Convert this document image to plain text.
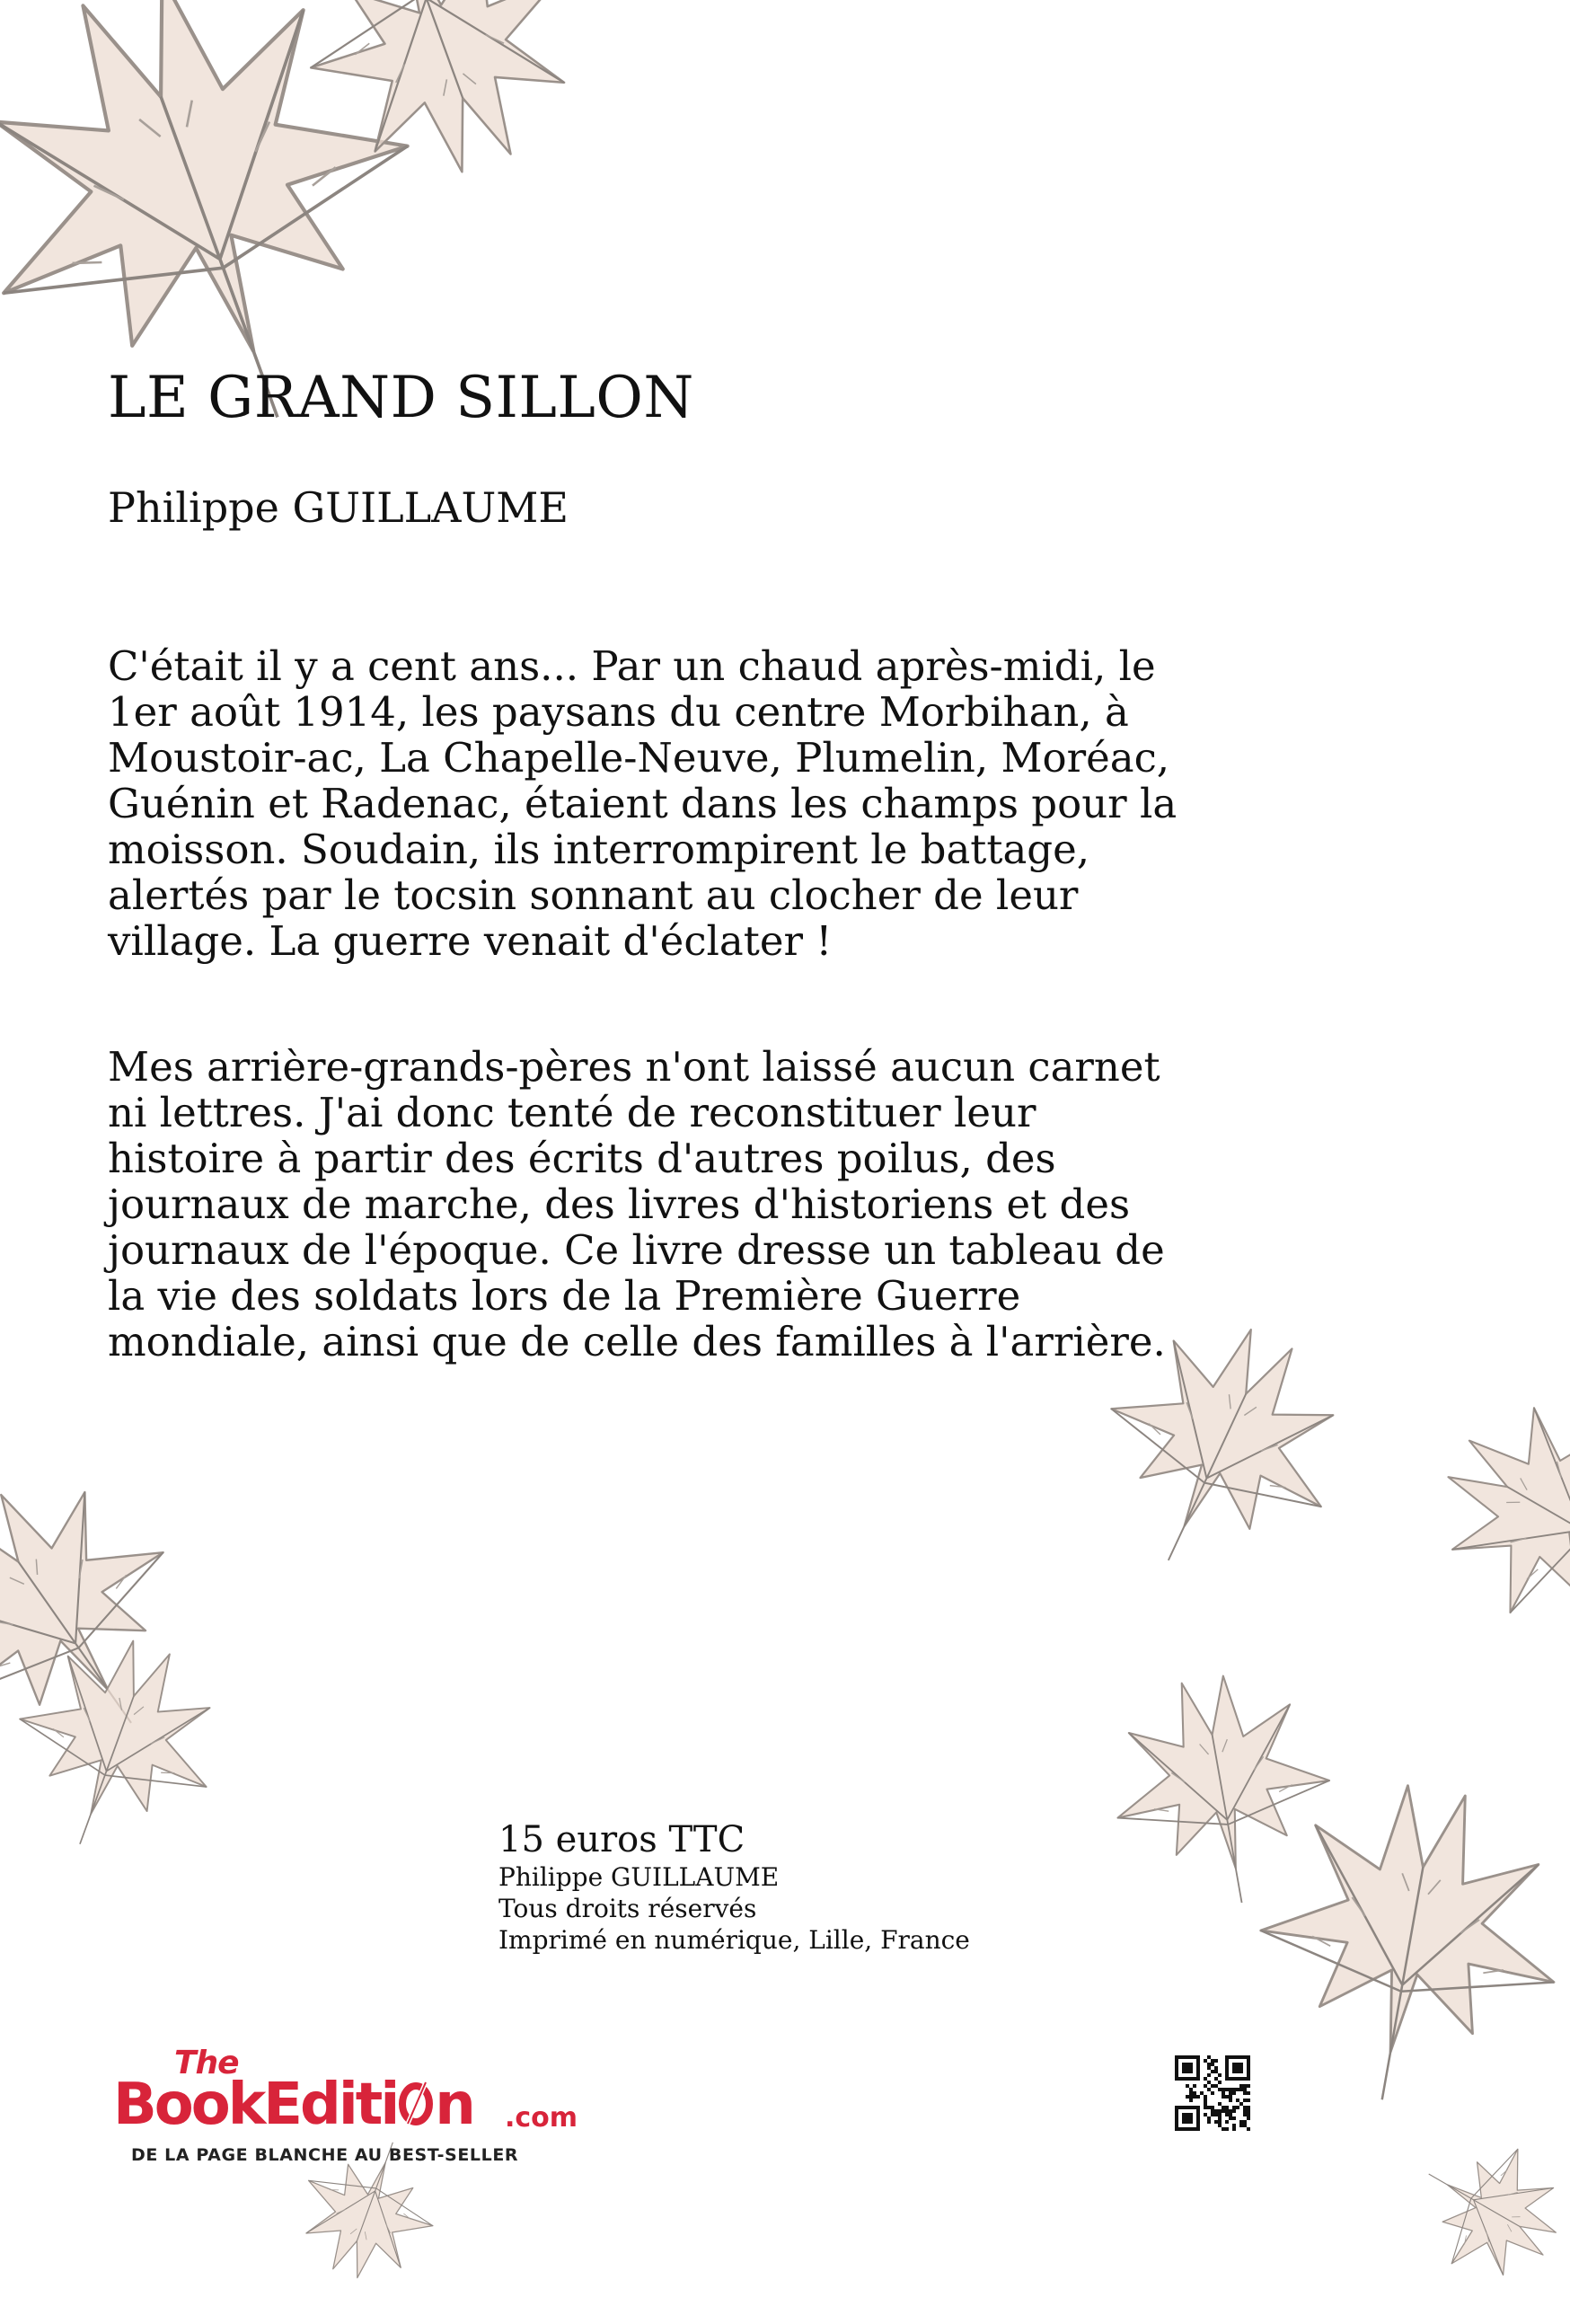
LE GRAND SILLON
Philippe GUILLAUME

C'était il y a cent ans... Par un chaud après-midi, le 1er août 1914, les paysans du centre Morbihan, à Moustoir-ac, La Chapelle-Neuve, Plumelin, Moréac, Guénin et Radenac, étaient dans les champs pour la moisson. Soudain, ils interrompirent le battage, alertés par le tocsin sonnant au clocher de leur village. La guerre venait d'éclater !

Mes arrière-grands-pères n'ont laissé aucun carnet ni lettres. J'ai donc tenté de reconstituer leur histoire à partir des écrits d'autres poilus, des journaux de marche, des livres d'historiens et des journaux de l'époque. Ce livre dresse un tableau de la vie des soldats lors de la Première Guerre mondiale, ainsi que de celle des familles à l'arrière.

15 euros TTC
Philippe GUILLAUME
Tous droits réservés
Imprimé en numérique, Lille, France
The
BookEditi n .com
DE LA PAGE BLANCHE AU BEST-SELLER
